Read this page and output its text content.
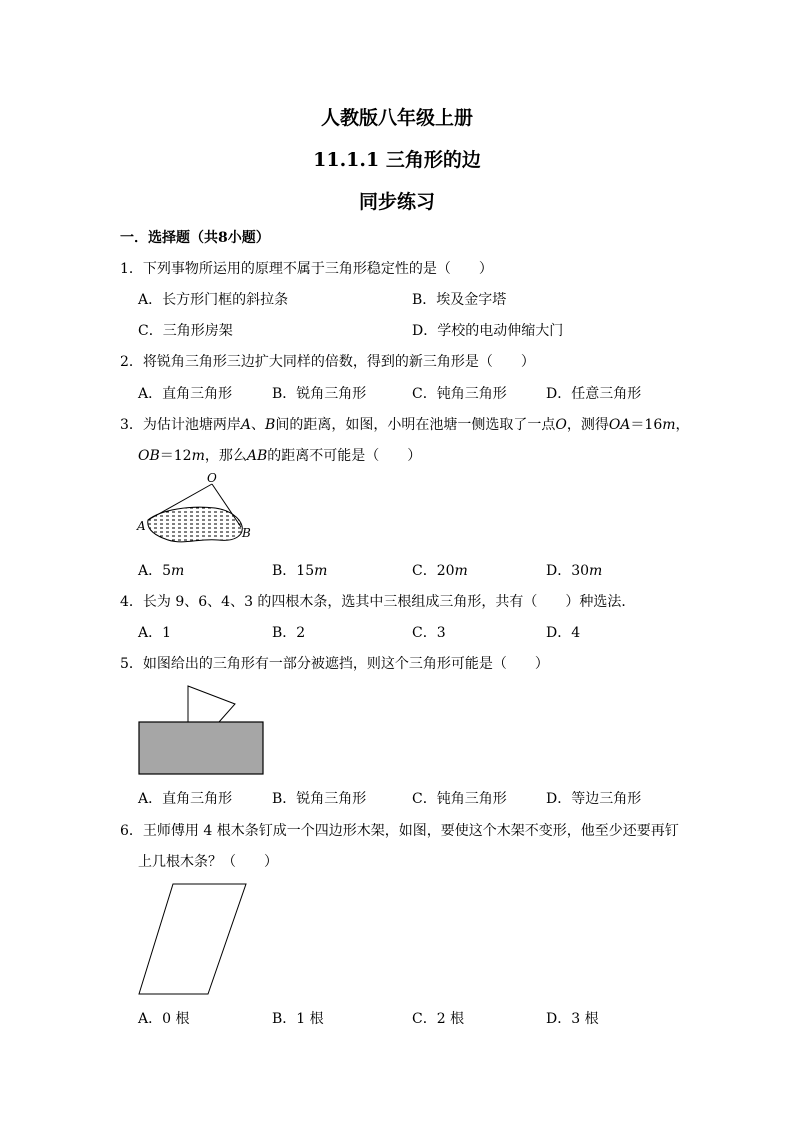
人教版八年级上册
11.1.1 三角形的边
同步练习
一．选择题（共8小题）
1．下列事物所运用的原理不属于三角形稳定性的是（　　）
A．长方形门框的斜拉条	B．埃及金字塔
C．三角形房架	D．学校的电动伸缩大门
2．将锐角三角形三边扩大同样的倍数，得到的新三角形是（　　）
A．直角三角形	B．锐角三角形	C．钝角三角形	D．任意三角形
3．为估计池塘两岸A、B间的距离，如图，小明在池塘一侧选取了一点O，测得OA＝16m，
OB＝12m，那么AB的距离不可能是（　　）
O
A	B
A．5m	B．15m	C．20m	D．30m
4．长为 9、6、4、3 的四根木条，选其中三根组成三角形，共有（　　）种选法．
A．1	B．2	C．3	D．4
5．如图给出的三角形有一部分被遮挡，则这个三角形可能是（　　）
A．直角三角形	B．锐角三角形	C．钝角三角形	D．等边三角形
6．王师傅用 4 根木条钉成一个四边形木架，如图，要使这个木架不变形，他至少还要再钉
上几根木条？（　　）
A．0 根	B．1 根	C．2 根	D．3 根
